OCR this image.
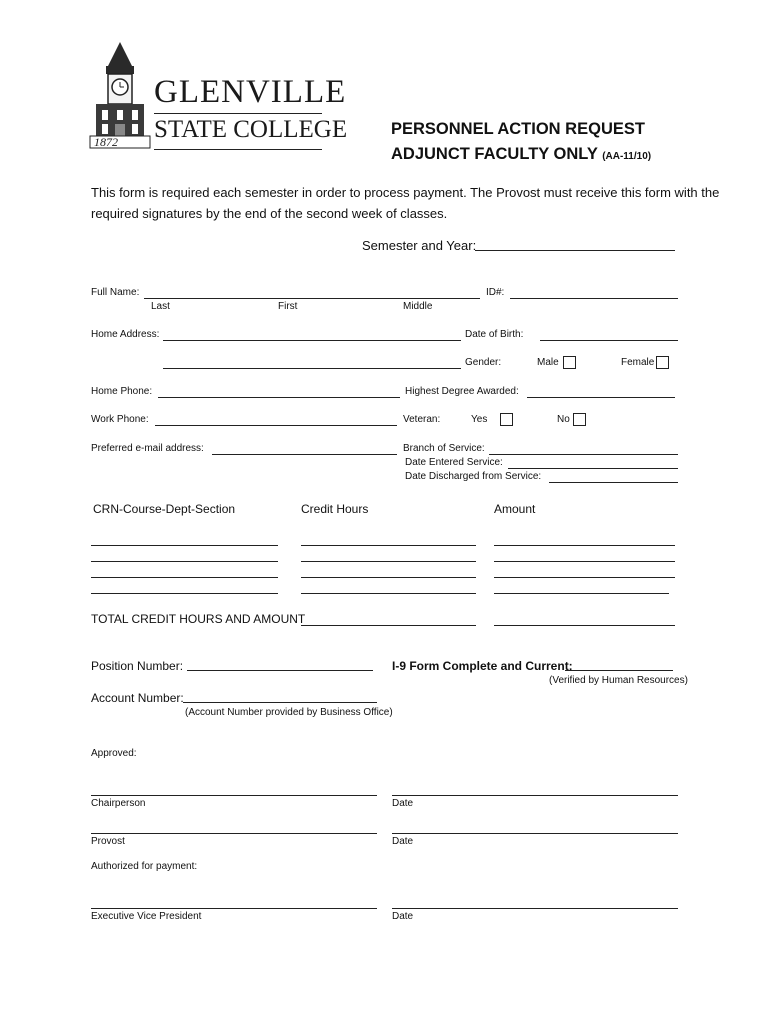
1872
GLENVILLE
STATE COLLEGE	PERSONNEL ACTION REQUEST
ADJUNCT FACULTY ONLY (AA-11/10)
This form is required each semester in order to process payment. The Provost must receive this form with the
required signatures by the end of the second week of classes.
Semester and Year:
Full Name:	ID#:
Last	First	Middle
Home Address:	Date of Birth:
Gender:	Male	Female
Home Phone:	Highest Degree Awarded:
Work Phone:	Veteran:	Yes	No
Preferred e-mail address:	Branch of Service:
Date Entered Service:
Date Discharged from Service:
CRN-Course-Dept-Section	Credit Hours	Amount
TOTAL CREDIT HOURS AND AMOUNT
Position Number:	I-9 Form Complete and Current:
(Verified by Human Resources)
Account Number:
(Account Number provided by Business Office)
Approved:
Chairperson	Date
Provost	Date
Authorized for payment:
Executive Vice President	Date
